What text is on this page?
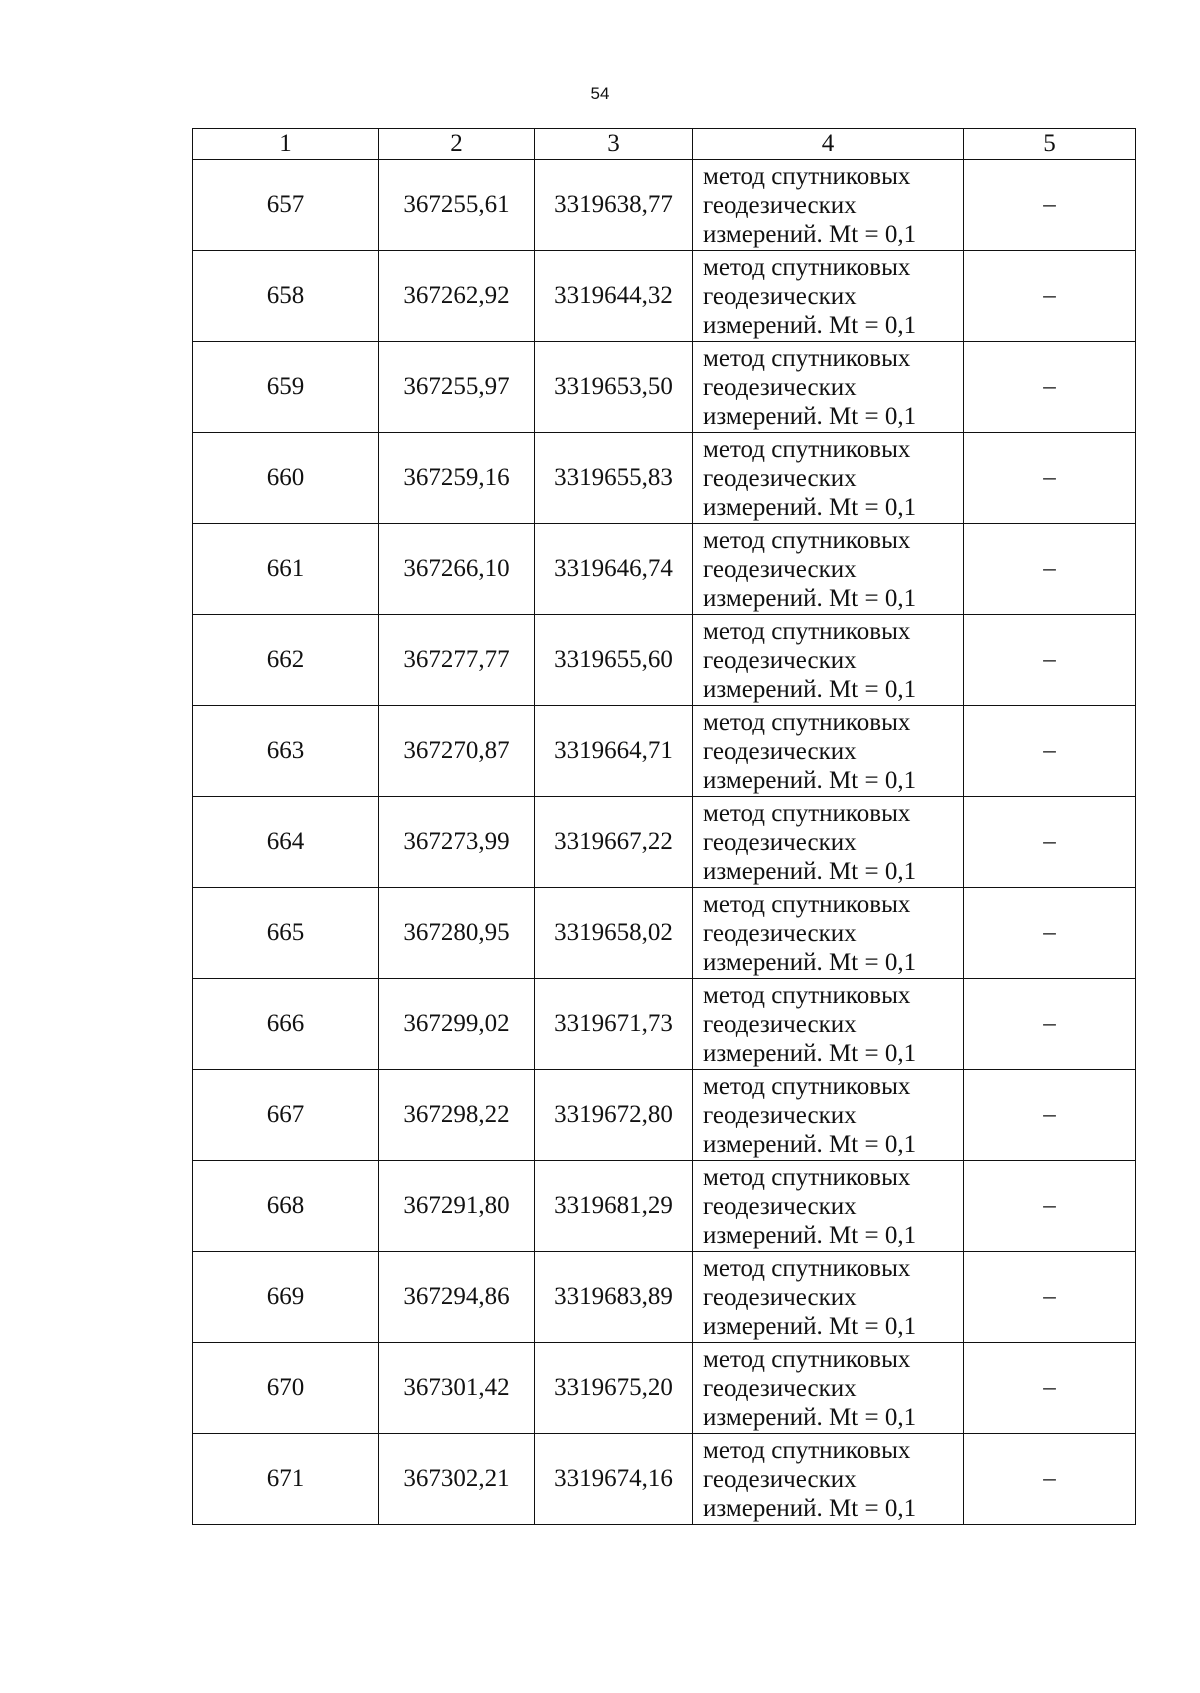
54
1	2	3	4	5
657	367255,61	3319638,77	метод спутниковых
геодезических
измерений. Mt = 0,1	–
658	367262,92	3319644,32	метод спутниковых
геодезических
измерений. Mt = 0,1	–
659	367255,97	3319653,50	метод спутниковых
геодезических
измерений. Mt = 0,1	–
660	367259,16	3319655,83	метод спутниковых
геодезических
измерений. Mt = 0,1	–
661	367266,10	3319646,74	метод спутниковых
геодезических
измерений. Mt = 0,1	–
662	367277,77	3319655,60	метод спутниковых
геодезических
измерений. Mt = 0,1	–
663	367270,87	3319664,71	метод спутниковых
геодезических
измерений. Mt = 0,1	–
664	367273,99	3319667,22	метод спутниковых
геодезических
измерений. Mt = 0,1	–
665	367280,95	3319658,02	метод спутниковых
геодезических
измерений. Mt = 0,1	–
666	367299,02	3319671,73	метод спутниковых
геодезических
измерений. Mt = 0,1	–
667	367298,22	3319672,80	метод спутниковых
геодезических
измерений. Mt = 0,1	–
668	367291,80	3319681,29	метод спутниковых
геодезических
измерений. Mt = 0,1	–
669	367294,86	3319683,89	метод спутниковых
геодезических
измерений. Mt = 0,1	–
670	367301,42	3319675,20	метод спутниковых
геодезических
измерений. Mt = 0,1	–
671	367302,21	3319674,16	метод спутниковых
геодезических
измерений. Mt = 0,1	–
